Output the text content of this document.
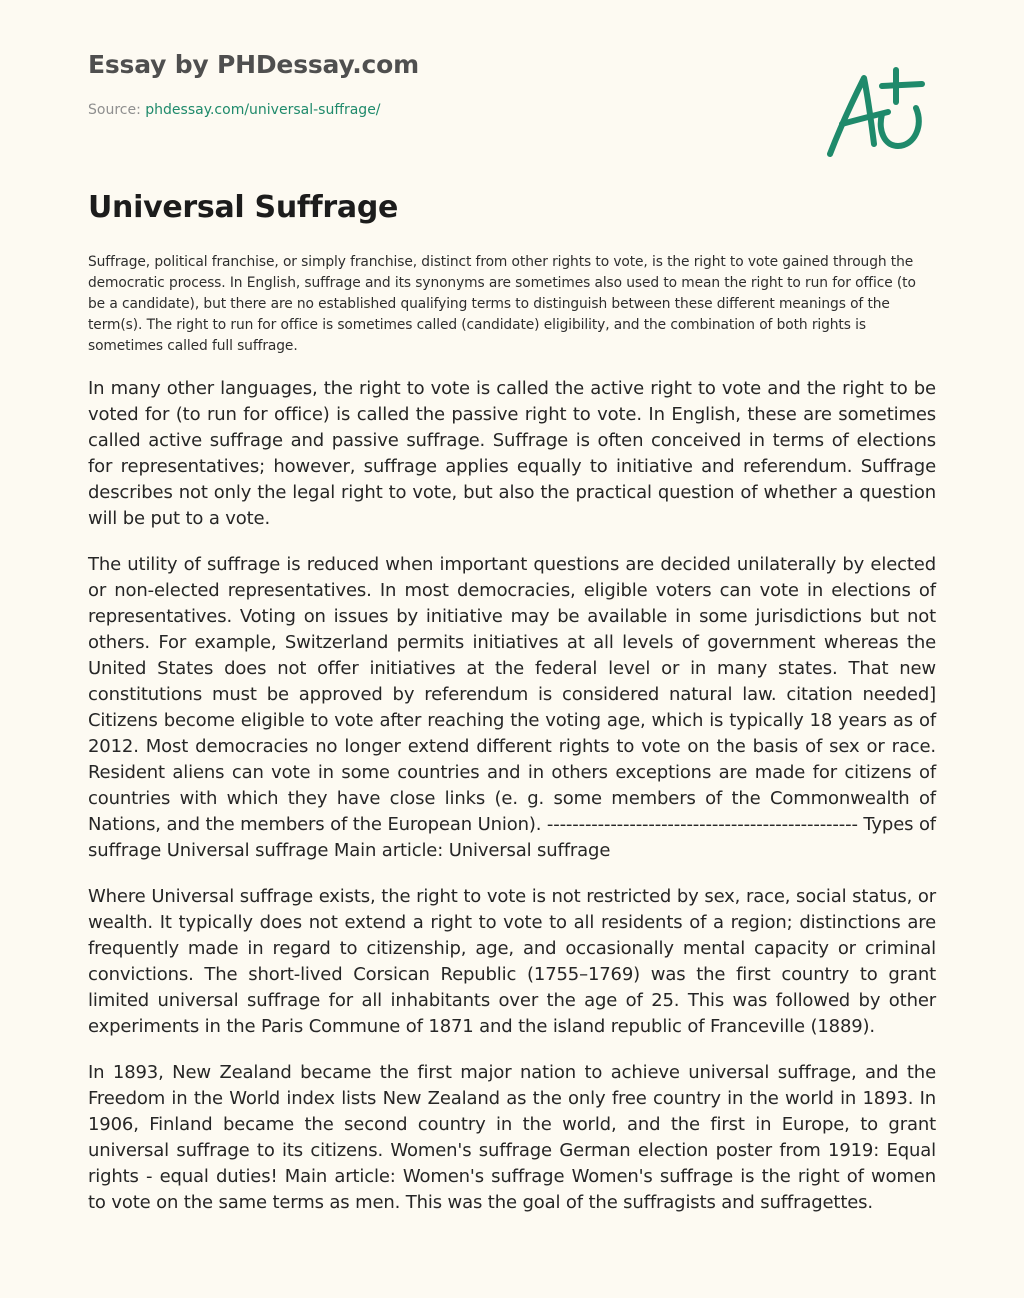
Essay by PHDessay.com
Source: phdessay.com/universal-suffrage/
Universal Suffrage

Suffrage, political franchise, or simply franchise, distinct from other rights to vote, is the right to vote gained through the democratic process. In English, suffrage and its synonyms are sometimes also used to mean the right to run for office (to be a candidate), but there are no established qualifying terms to distinguish between these different meanings of the term(s). The right to run for office is sometimes called (candidate) eligibility, and the combination of both rights is sometimes called full suffrage.

In many other languages, the right to vote is called the active right to vote and the right to be voted for (to run for office) is called the passive right to vote. In English, these are sometimes called active suffrage and passive suffrage. Suffrage is often conceived in terms of elections for representatives; however, suffrage applies equally to initiative and referendum. Suffrage describes not only the legal right to vote, but also the practical question of whether a question will be put to a vote.

The utility of suffrage is reduced when important questions are decided unilaterally by elected or non-elected representatives. In most democracies, eligible voters can vote in elections of representatives. Voting on issues by initiative may be available in some jurisdictions but not others. For example, Switzerland permits initiatives at all levels of government whereas the United States does not offer initiatives at the federal level or in many states. That new constitutions must be approved by referendum is considered natural law. citation needed] Citizens become eligible to vote after reaching the voting age, which is typically 18 years as of 2012. Most democracies no longer extend different rights to vote on the basis of sex or race. Resident aliens can vote in some countries and in others exceptions are made for citizens of countries with which they have close links (e. g. some members of the Commonwealth of Nations, and the members of the European Union). ------------------------------------------------- Types of suffrage Universal suffrage Main article: Universal suffrage

Where Universal suffrage exists, the right to vote is not restricted by sex, race, social status, or wealth. It typically does not extend a right to vote to all residents of a region; distinctions are frequently made in regard to citizenship, age, and occasionally mental capacity or criminal convictions. The short-lived Corsican Republic (1755–1769) was the first country to grant limited universal suffrage for all inhabitants over the age of 25. This was followed by other experiments in the Paris Commune of 1871 and the island republic of Franceville (1889).

In 1893, New Zealand became the first major nation to achieve universal suffrage, and the Freedom in the World index lists New Zealand as the only free country in the world in 1893. In 1906, Finland became the second country in the world, and the first in Europe, to grant universal suffrage to its citizens. Women's suffrage German election poster from 1919: Equal rights - equal duties! Main article: Women's suffrage Women's suffrage is the right of women to vote on the same terms as men. This was the goal of the suffragists and suffragettes.
